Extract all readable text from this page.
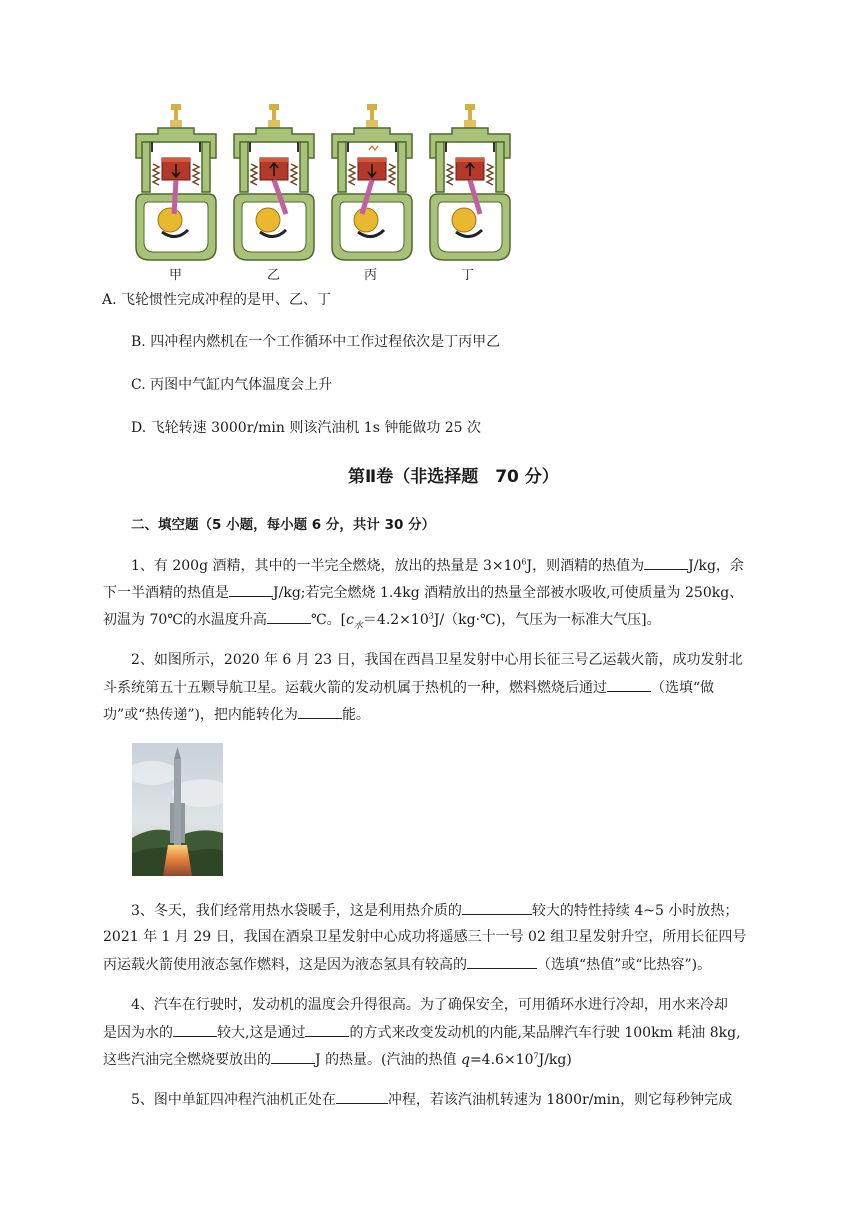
甲	乙	丙	丁
A. 飞轮惯性完成冲程的是甲、乙、丁
B. 四冲程内燃机在一个工作循环中工作过程依次是丁丙甲乙
C. 丙图中气缸内气体温度会上升
D. 飞轮转速 3000r/min 则该汽油机 1s 钟能做功 25 次
第Ⅱ卷（非选择题　70 分）
二、填空题（5 小题，每小题 6 分，共计 30 分）
1、有 200g 酒精，其中的一半完全燃烧，放出的热量是 $3\times 10^6J$，则酒精的热值为	J/kg，余
下一半酒精的热值是	J/kg;若完全燃烧 1.4kg 酒精放出的热量全部被水吸收,可使质量为 250kg、
初温为 70℃的水温度升高	℃。[$c_水=4.2\times 10^3J/(kg\cdot℃)$，气压为一标准大气压]。
2、如图所示，2020 年 6 月 23 日，我国在西昌卫星发射中心用长征三号乙运载火箭，成功发射北
斗系统第五十五颗导航卫星。运载火箭的发动机属于热机的一种，燃料燃烧后通过	（选填“做
功”或“热传递”)，把内能转化为	能。
3、冬天，我们经常用热水袋暖手，这是利用热介质的	较大的特性持续 4~5 小时放热；
2021 年 1 月 29 日，我国在酒泉卫星发射中心成功将遥感三十一号 02 组卫星发射升空，所用长征四号
丙运载火箭使用液态氢作燃料，这是因为液态氢具有较高的	（选填“热值”或“比热容”)。
4、汽车在行驶时，发动机的温度会升得很高。为了确保安全，可用循环水进行冷却，用水来冷却
是因为水的	较大,这是通过	的方式来改变发动机的内能,某品牌汽车行驶 100km 耗油 8kg,
这些汽油完全燃烧要放出的	J 的热量。(汽油的热值 $q=4.6\times 10^7J/kg$)
5、图中单缸四冲程汽油机正处在	冲程，若该汽油机转速为 1800r/min，则它每秒钟完成
